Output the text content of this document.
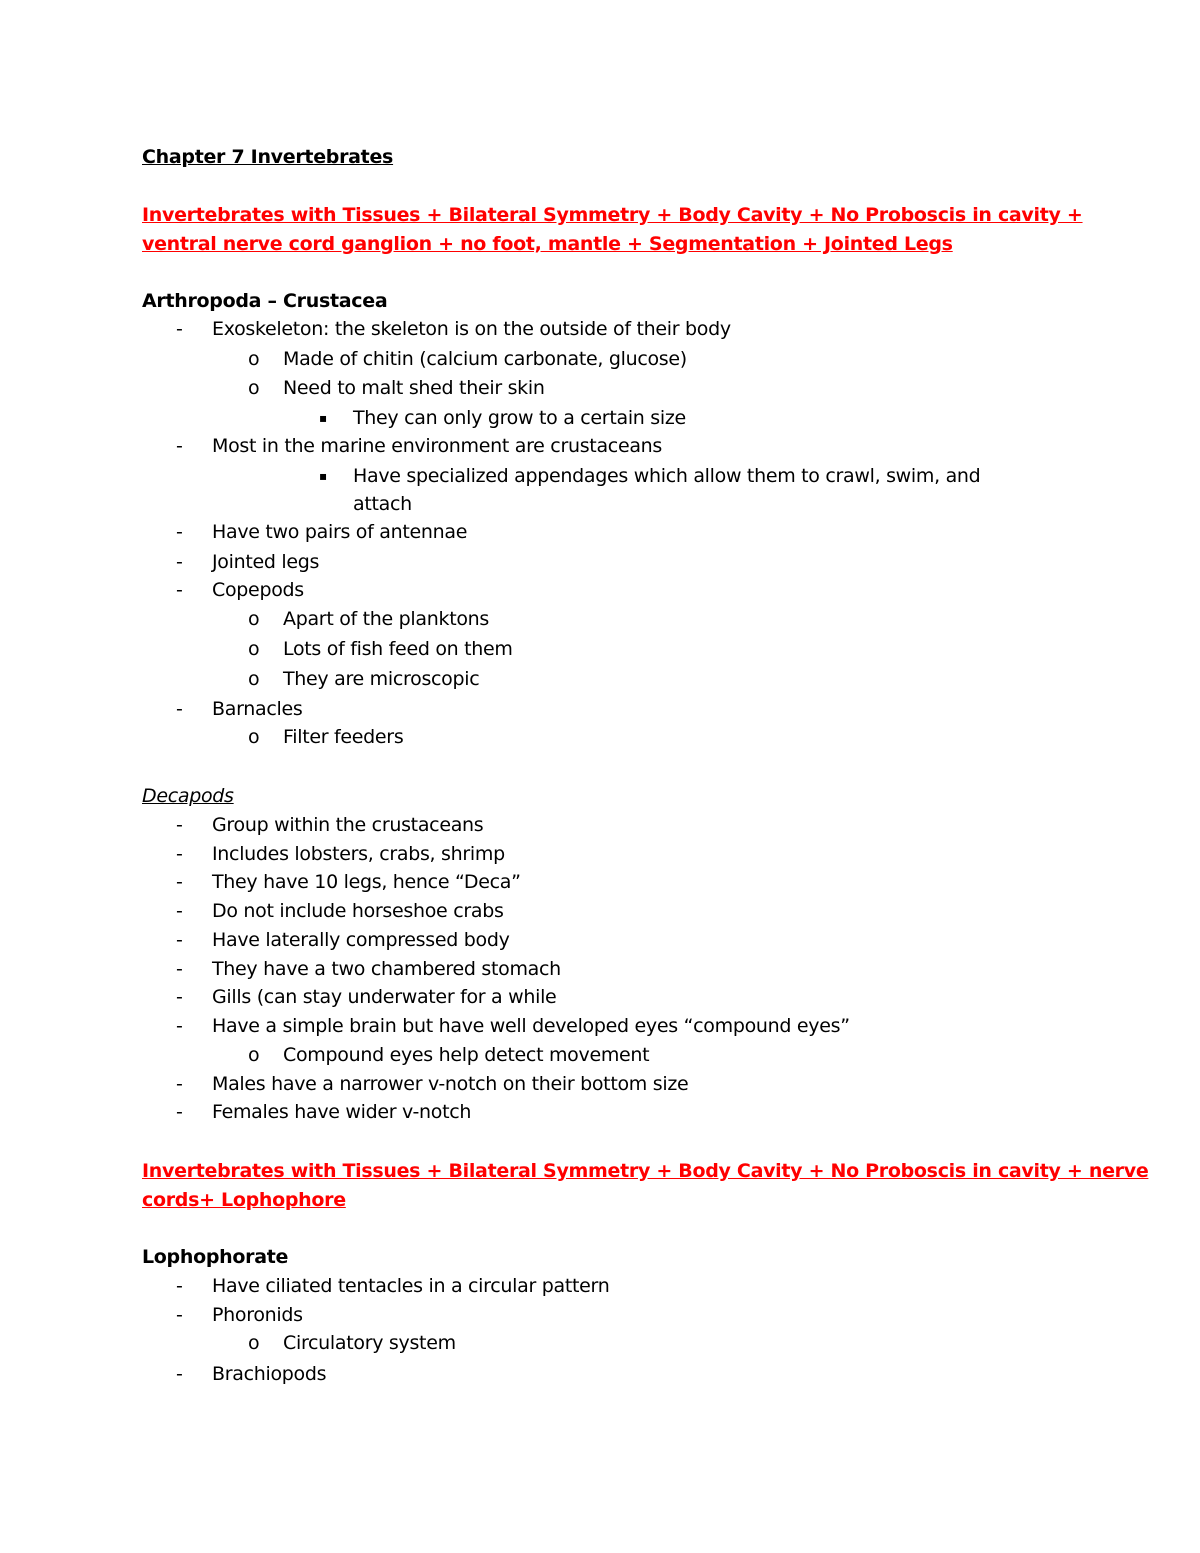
Chapter 7 Invertebrates
Invertebrates with Tissues + Bilateral Symmetry + Body Cavity + No Proboscis in cavity +
ventral nerve cord ganglion + no foot, mantle + Segmentation + Jointed Legs
Arthropoda – Crustacea
-	Exoskeleton: the skeleton is on the outside of their body
o	Made of chitin (calcium carbonate, glucose)
o	Need to malt shed their skin
▪	They can only grow to a certain size
-	Most in the marine environment are crustaceans
▪	Have specialized appendages which allow them to crawl, swim, and
attach
-	Have two pairs of antennae
-	Jointed legs
-	Copepods
o	Apart of the planktons
o	Lots of fish feed on them
o	They are microscopic
-	Barnacles
o	Filter feeders
Decapods
-	Group within the crustaceans
-	Includes lobsters, crabs, shrimp
-	They have 10 legs, hence “Deca”
-	Do not include horseshoe crabs
-	Have laterally compressed body
-	They have a two chambered stomach
-	Gills (can stay underwater for a while
-	Have a simple brain but have well developed eyes “compound eyes”
o	Compound eyes help detect movement
-	Males have a narrower v-notch on their bottom size
-	Females have wider v-notch
Invertebrates with Tissues + Bilateral Symmetry + Body Cavity + No Proboscis in cavity + nerve
cords+ Lophophore
Lophophorate
-	Have ciliated tentacles in a circular pattern
-	Phoronids
o	Circulatory system
-	Brachiopods
